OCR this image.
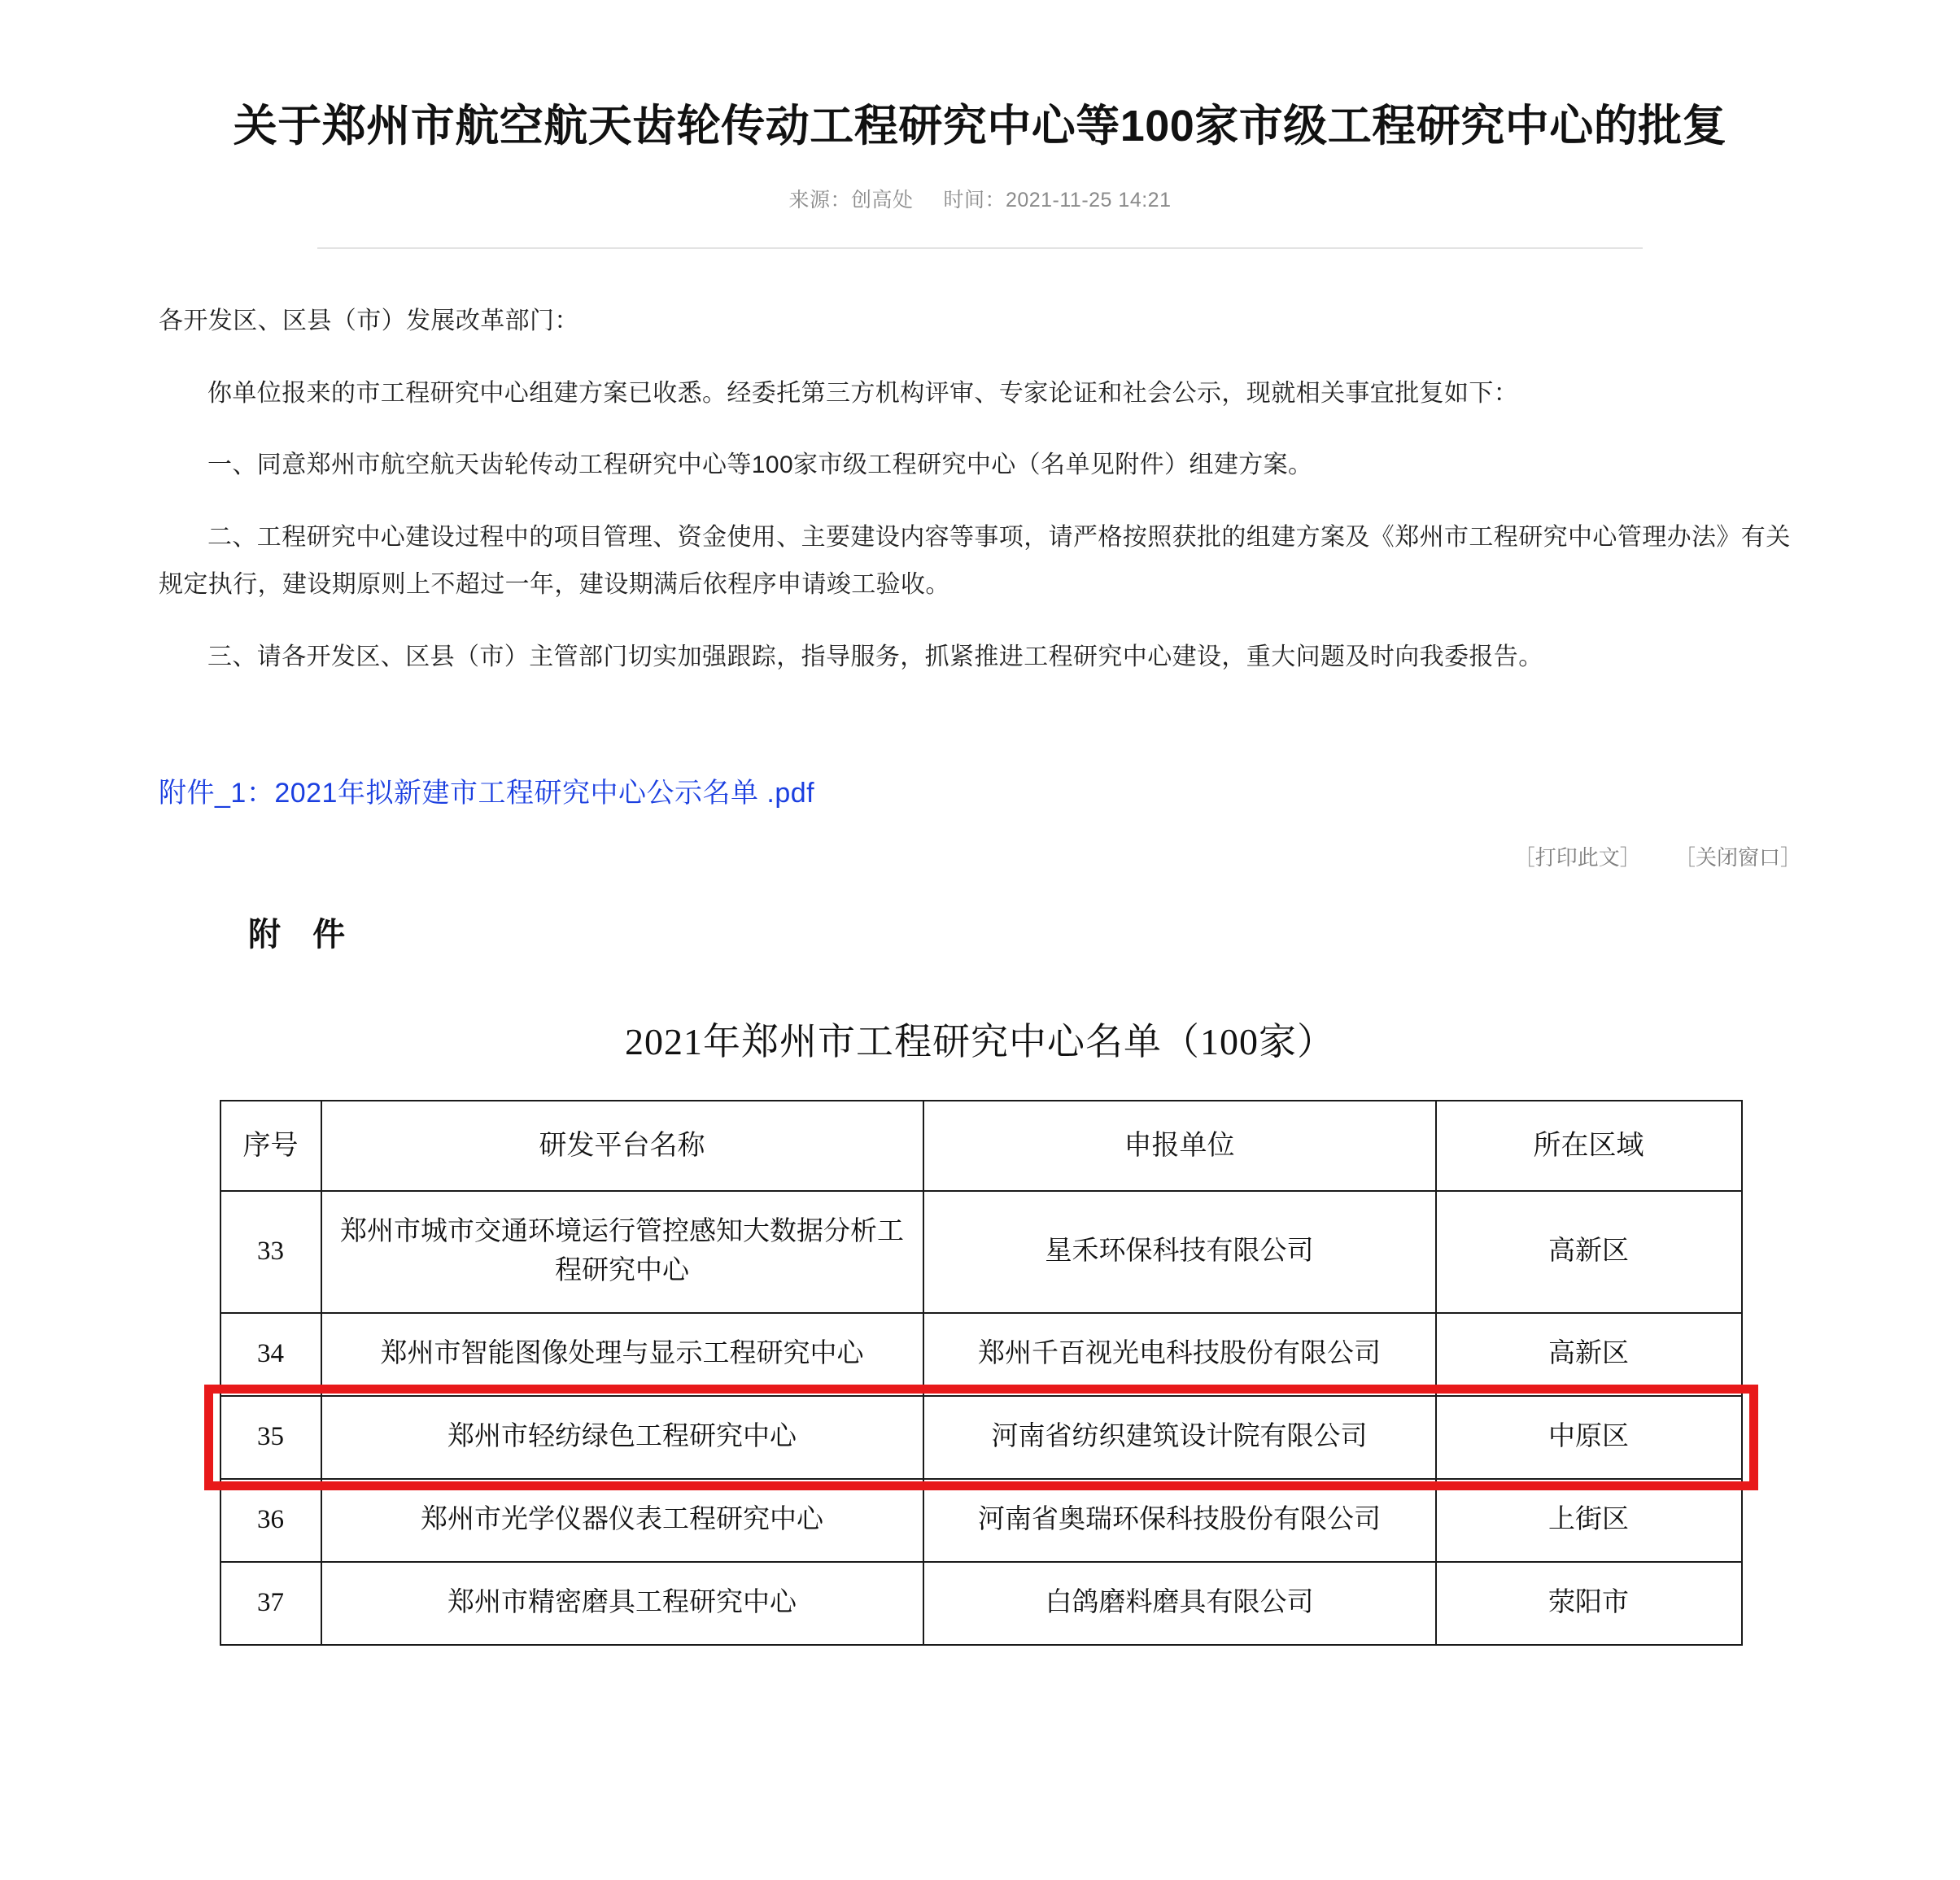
关于郑州市航空航天齿轮传动工程研究中心等100家市级工程研究中心的批复
来源：创高处 时间：2021-11-25 14:21

各开发区、区县（市）发展改革部门：

你单位报来的市工程研究中心组建方案已收悉。经委托第三方机构评审、专家论证和社会公示，现就相关事宜批复如下：

一、同意郑州市航空航天齿轮传动工程研究中心等100家市级工程研究中心（名单见附件）组建方案。

二、工程研究中心建设过程中的项目管理、资金使用、主要建设内容等事项，请严格按照获批的组建方案及《郑州市工程研究中心管理办法》有关规定执行，建设期原则上不超过一年，建设期满后依程序申请竣工验收。

三、请各开发区、区县（市）主管部门切实加强跟踪，指导服务，抓紧推进工程研究中心建设，重大问题及时向我委报告。

附件_1：2021年拟新建市工程研究中心公示名单 .pdf
［打印此文］ ［关闭窗口］
附 件
2021年郑州市工程研究中心名单（100家）
序号	研发平台名称	申报单位	所在区域
33	郑州市城市交通环境运行管控感知大数据分析工程研究中心	星禾环保科技有限公司	高新区
34	郑州市智能图像处理与显示工程研究中心	郑州千百视光电科技股份有限公司	高新区
35	郑州市轻纺绿色工程研究中心	河南省纺织建筑设计院有限公司	中原区
36	郑州市光学仪器仪表工程研究中心	河南省奥瑞环保科技股份有限公司	上街区
37	郑州市精密磨具工程研究中心	白鸽磨料磨具有限公司	荥阳市
